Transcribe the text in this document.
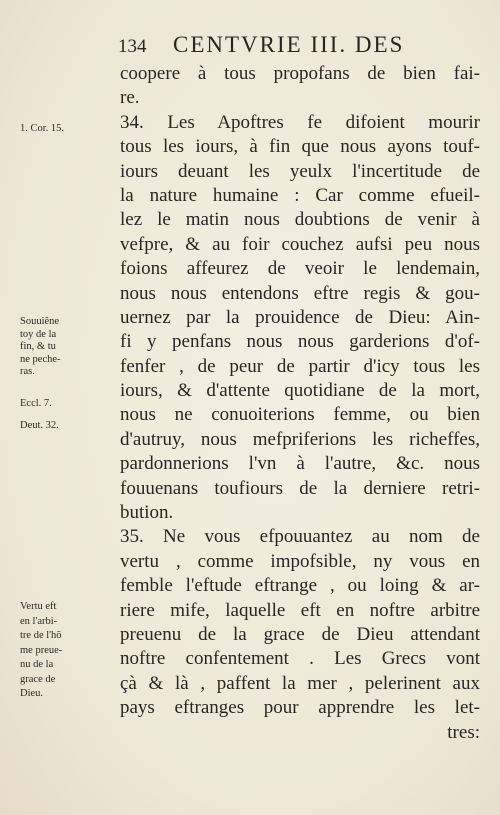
134 CENTVRIE III. DES
coopere à tous propofans de bien fai-
re.
34. Les Apoftres fe difoient mourir
tous les iours, à fin que nous ayons touf-
iours deuant les yeulx l'incertitude de
la nature humaine : Car comme efueil-
lez le matin nous doubtions de venir à
vefpre, & au foir couchez aufsi peu nous
foions affeurez de veoir le lendemain,
nous nous entendons eftre regis & gou-
uernez par la prouidence de Dieu: Ain-
fi y penfans nous nous garderions d'of-
fenfer , de peur de partir d'icy tous les
iours, & d'attente quotidiane de la mort,
nous ne conuoiterions femme, ou bien
d'autruy, nous mefpriferions les richeffes,
pardonnerions l'vn à l'autre, &c. nous
fouuenans toufiours de la derniere retri-
bution.
35. Ne vous efpouuantez au nom de
vertu , comme impofsible, ny vous en
femble l'eftude eftrange , ou loing & ar-
riere mife, laquelle eft en noftre arbitre
preuenu de la grace de Dieu attendant
noftre confentement . Les Grecs vont
çà & là , paffent la mer , pelerinent aux
pays eftranges pour apprendre les let-
tres:
1. Cor. 15.
Souuiĕne
toy de la
fin, & tu
ne peche-
ras.
Eccl. 7.
Deut. 32.
Vertu eft
en l'arbi-
tre de l'hõ
me preue-
nu de la
grace de
Dieu.
